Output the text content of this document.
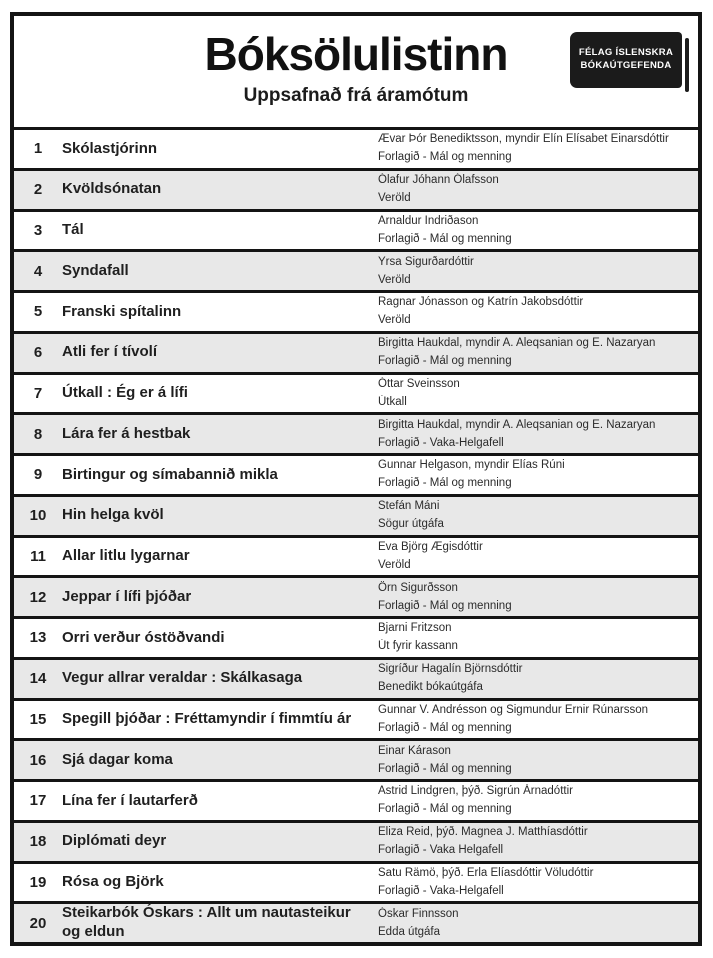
Bóksölulistinn
Uppsafnað frá áramótum
FÉLAG ÍSLENSKRA
BÓKAÚTGEFENDA
1	Skólastjórinn
Ævar Þór Benediktsson, myndir Elín Elísabet Einarsdóttir
Forlagið - Mál og menning
2	Kvöldsónatan
Ólafur Jóhann Ólafsson
Veröld
3	Tál
Arnaldur Indriðason
Forlagið - Mál og menning
4	Syndafall
Yrsa Sigurðardóttir
Veröld
5	Franski spítalinn
Ragnar Jónasson og Katrín Jakobsdóttir
Veröld
6	Atli fer í tívolí
Birgitta Haukdal, myndir A. Aleqsanian og E. Nazaryan
Forlagið - Mál og menning
7	Útkall : Ég er á lífi
Óttar Sveinsson
Útkall
8	Lára fer á hestbak
Birgitta Haukdal, myndir A. Aleqsanian og E. Nazaryan
Forlagið - Vaka-Helgafell
9	Birtingur og símabannið mikla
Gunnar Helgason, myndir Elías Rúni
Forlagið - Mál og menning
10	Hin helga kvöl
Stefán Máni
Sögur útgáfa
11	Allar litlu lygarnar
Eva Björg Ægisdóttir
Veröld
12	Jeppar í lífi þjóðar
Örn Sigurðsson
Forlagið - Mál og menning
13	Orri verður óstöðvandi
Bjarni Fritzson
Út fyrir kassann
14	Vegur allrar veraldar : Skálkasaga
Sigríður Hagalín Björnsdóttir
Benedikt bókaútgáfa
15	Spegill þjóðar : Fréttamyndir í fimmtíu ár
Gunnar V. Andrésson og Sigmundur Ernir Rúnarsson
Forlagið - Mál og menning
16	Sjá dagar koma
Einar Kárason
Forlagið - Mál og menning
17	Lína fer í lautarferð
Astrid Lindgren, þýð. Sigrún Árnadóttir
Forlagið - Mál og menning
18	Diplómati deyr
Eliza Reid, þýð. Magnea J. Matthíasdóttir
Forlagið - Vaka Helgafell
19	Rósa og Björk
Satu Rämö, þýð. Erla Elíasdóttir Völudóttir
Forlagið - Vaka-Helgafell
20
Steikarbók Óskars : Allt um nautasteikur og eldun
Óskar Finnsson
Edda útgáfa
